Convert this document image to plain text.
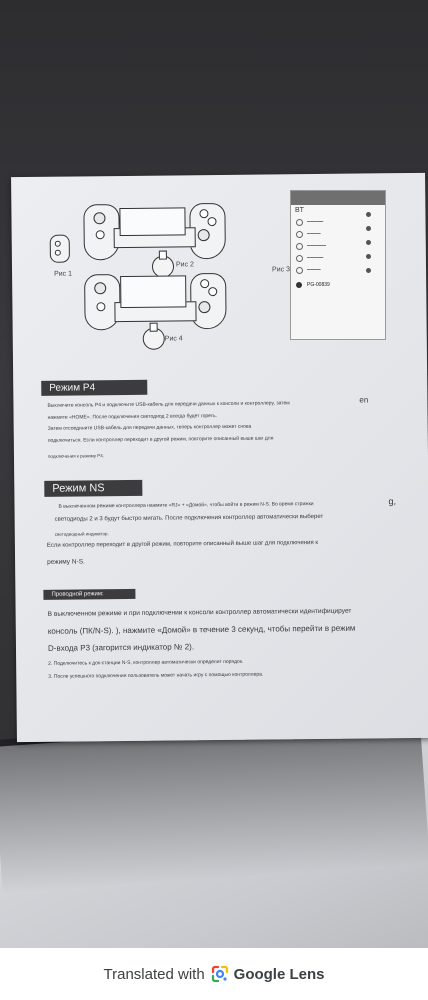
Рис 1
Рис 2
Рис 4
Рис 3
Режим P4
Выключите консоль P4 и подключите USB-кабель для передачи данных к консоли и контроллеру, затем	en
нажмите «HOME». После подключения светодиод 2 всегда будет гореть.
Затем отсоедините USB-кабель для передачи данных, теперь контроллер может снова
подключиться. Если контроллер переходит в другой режим, повторите описанный выше шаг для
подключения к режиму P4.
Режим NS
В выключенном режиме контроллера нажмите «RJ» + «Домой», чтобы войти в режим N-S. Во время стрижки	g,
светодиоды 2 и 3 будут быстро мигать. После подключения контроллер автоматически выберет
светодиодный индикатор.
Если контроллер переходит в другой режим, повторите описанный выше шаг для подключения к
режиму N-S.
Проводной режим:
В выключенном режиме и при подключении к консоли контроллер автоматически идентифицирует
консоль (ПК/N-S). ), нажмите «Домой» в течение 3 секунд, чтобы перейти в режим
D-входа P3 (загорится индикатор № 2).
2. Подключитесь к док-станции N-S, контроллер автоматически определит порядок.
3. После успешного подключения пользователь может начать игру с помощью контроллера.
BT
━━━━━━
━━━━━
━━━━━━━
━━━━━━
━━━━━
PG-00839
Translated with Google Lens
